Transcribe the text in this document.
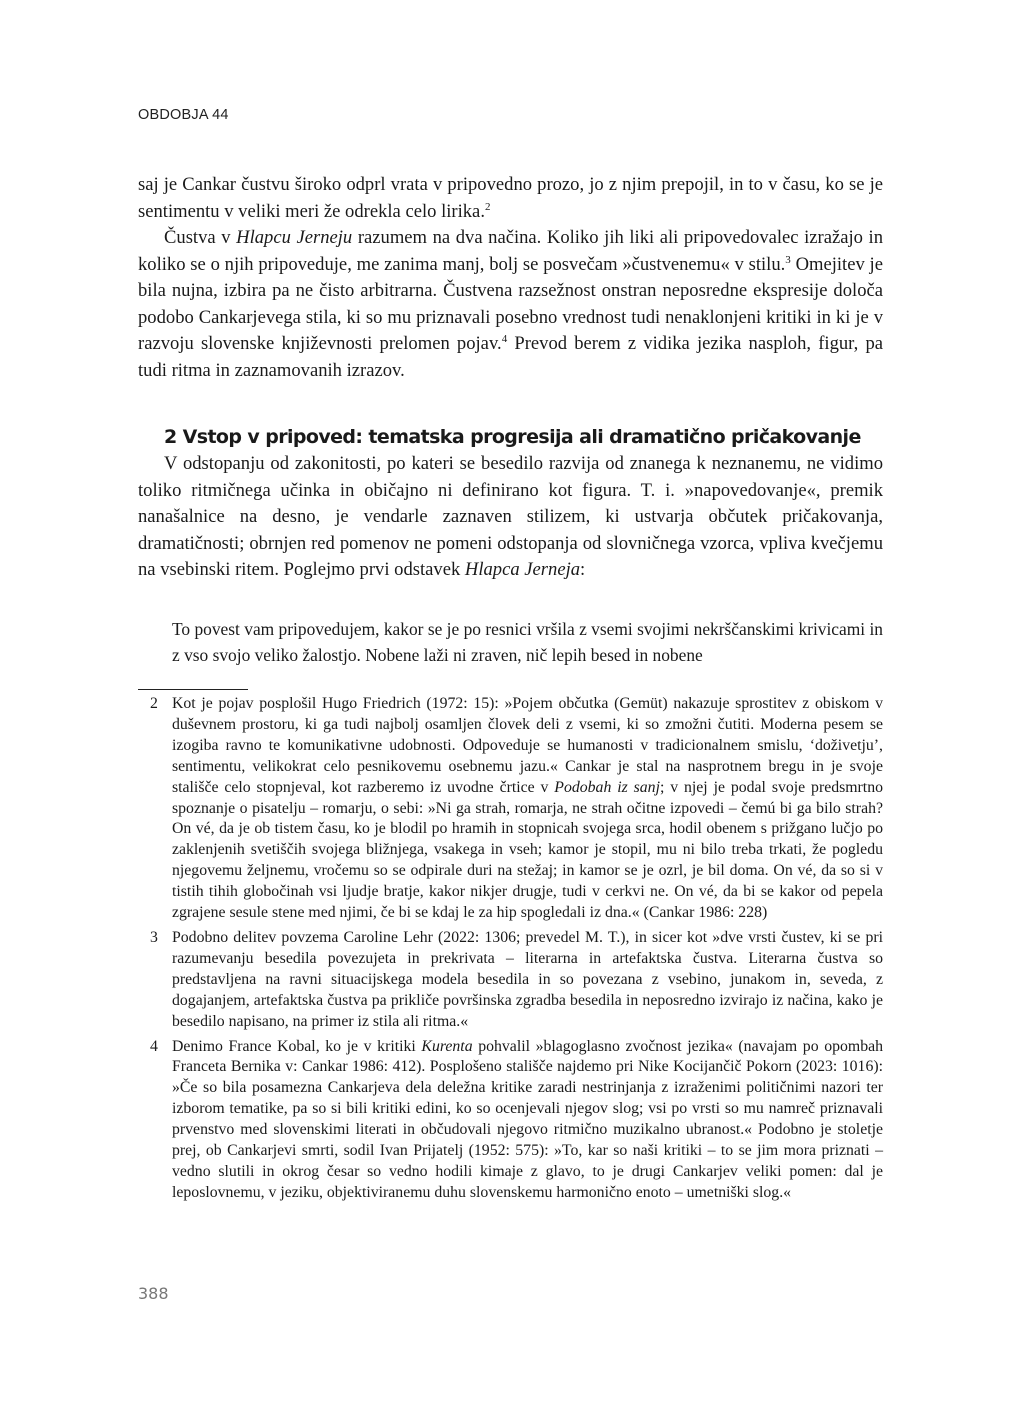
OBDOBJA 44

saj je Cankar čustvu široko odprl vrata v pripovedno prozo, jo z njim prepojil, in to v času, ko se je sentimentu v veliki meri že odrekla celo lirika.$^2$

Čustva v Hlapcu Jerneju razumem na dva načina. Koliko jih liki ali pripovedovalec izražajo in koliko se o njih pripoveduje, me zanima manj, bolj se posvečam »čustvenemu« v stilu.$^3$ Omejitev je bila nujna, izbira pa ne čisto arbitrarna. Čustvena razsežnost onstran neposredne ekspresije določa podobo Cankarjevega stila, ki so mu priznavali posebno vrednost tudi nenaklonjeni kritiki in ki je v razvoju slovenske književnosti prelomen pojav.$^4$ Prevod berem z vidika jezika nasploh, figur, pa tudi ritma in zaznamovanih izrazov.

2 Vstop v pripoved: tematska progresija ali dramatično pričakovanje

V odstopanju od zakonitosti, po kateri se besedilo razvija od znanega k neznanemu, ne vidimo toliko ritmičnega učinka in običajno ni definirano kot figura. T. i. »napovedovanje«, premik nanašalnice na desno, je vendarle zaznaven stilizem, ki ustvarja občutek pričakovanja, dramatičnosti; obrnjen red pomenov ne pomeni odstopanja od slovničnega vzorca, vpliva kvečjemu na vsebinski ritem. Poglejmo prvi odstavek Hlapca Jerneja:

To povest vam pripovedujem, kakor se je po resnici vršila z vsemi svojimi nekrščanskimi krivicami in z vso svojo veliko žalostjo. Nobene laži ni zraven, nič lepih besed in nobene

2 Kot je pojav posplošil Hugo Friedrich (1972: 15): »Pojem občutka (Gemüt) nakazuje sprostitev z obiskom v duševnem prostoru, ki ga tudi najbolj osamljen človek deli z vsemi, ki so zmožni čutiti. Moderna pesem se izogiba ravno te komunikativne udobnosti. Odpoveduje se humanosti v tradicionalnem smislu, ‘doživetju’, sentimentu, velikokrat celo pesnikovemu osebnemu jazu.« Cankar je stal na nasprotnem bregu in je svoje stališče celo stopnjeval, kot razberemo iz uvodne črtice v Podobah iz sanj; v njej je podal svoje predsmrtno spoznanje o pisatelju – romarju, o sebi: »Ni ga strah, romarja, ne strah očitne izpovedi – čemú bi ga bilo strah? On vé, da je ob tistem času, ko je blodil po hramih in stopnicah svojega srca, hodil obenem s prižgano lučjo po zaklenjenih svetiščih svojega bližnjega, vsakega in vseh; kamor je stopil, mu ni bilo treba trkati, že pogledu njegovemu željnemu, vročemu so se odpirale duri na stežaj; in kamor se je ozrl, je bil doma. On vé, da so si v tistih tihih globočinah vsi ljudje bratje, kakor nikjer drugje, tudi v cerkvi ne. On vé, da bi se kakor od pepela zgrajene sesule stene med njimi, če bi se kdaj le za hip spogledali iz dna.« (Cankar 1986: 228)
3 Podobno delitev povzema Caroline Lehr (2022: 1306; prevedel M. T.), in sicer kot »dve vrsti čustev, ki se pri razumevanju besedila povezujeta in prekrivata – literarna in artefaktska čustva. Literarna čustva so predstavljena na ravni situacijskega modela besedila in so povezana z vsebino, junakom in, seveda, z dogajanjem, artefaktska čustva pa prikliče površinska zgradba besedila in neposredno izvirajo iz načina, kako je besedilo napisano, na primer iz stila ali ritma.«
4 Denimo France Kobal, ko je v kritiki Kurenta pohvalil »blagoglasno zvočnost jezika« (navajam po opombah Franceta Bernika v: Cankar 1986: 412). Posplošeno stališče najdemo pri Nike Kocijančič Pokorn (2023: 1016): »Če so bila posamezna Cankarjeva dela deležna kritike zaradi nestrinjanja z izraženimi političnimi nazori ter izborom tematike, pa so si bili kritiki edini, ko so ocenjevali njegov slog; vsi po vrsti so mu namreč priznavali prvenstvo med slovenskimi literati in občudovali njegovo ritmično muzikalno ubranost.« Podobno je stoletje prej, ob Cankarjevi smrti, sodil Ivan Prijatelj (1952: 575): »To, kar so naši kritiki – to se jim mora priznati – vedno slutili in okrog česar so vedno hodili kimaje z glavo, to je drugi Cankarjev veliki pomen: dal je leposlovnemu, v jeziku, objektiviranemu duhu slovenskemu harmonično enoto – umetniški slog.«
388
